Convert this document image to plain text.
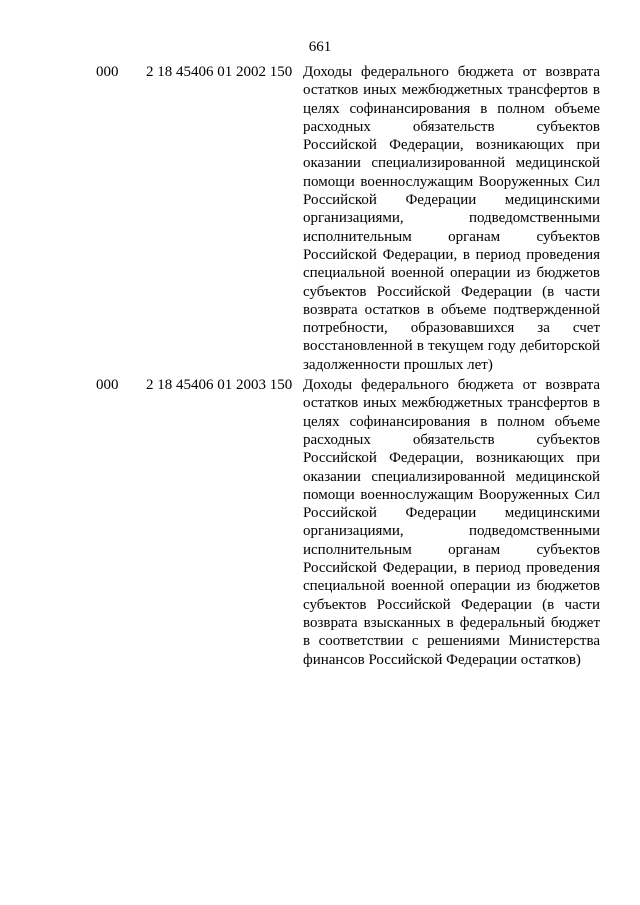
661
000 2 18 45406 01 2002 150 Доходы федерального бюджета от возврата остатков иных межбюджетных трансфертов в целях софинансирования в полном объеме расходных обязательств субъектов Российской Федерации, возникающих при оказании специализированной медицинской помощи военнослужащим Вооруженных Сил Российской Федерации медицинскими организациями, подведомственными исполнительным органам субъектов Российской Федерации, в период проведения специальной военной операции из бюджетов субъектов Российской Федерации (в части возврата остатков в объеме подтвержденной потребности, образовавшихся за счет восстановленной в текущем году дебиторской задолженности прошлых лет)
000 2 18 45406 01 2003 150 Доходы федерального бюджета от возврата остатков иных межбюджетных трансфертов в целях софинансирования в полном объеме расходных обязательств субъектов Российской Федерации, возникающих при оказании специализированной медицинской помощи военнослужащим Вооруженных Сил Российской Федерации медицинскими организациями, подведомственными исполнительным органам субъектов Российской Федерации, в период проведения специальной военной операции из бюджетов субъектов Российской Федерации (в части возврата взысканных в федеральный бюджет в соответствии с решениями Министерства финансов Российской Федерации остатков)
